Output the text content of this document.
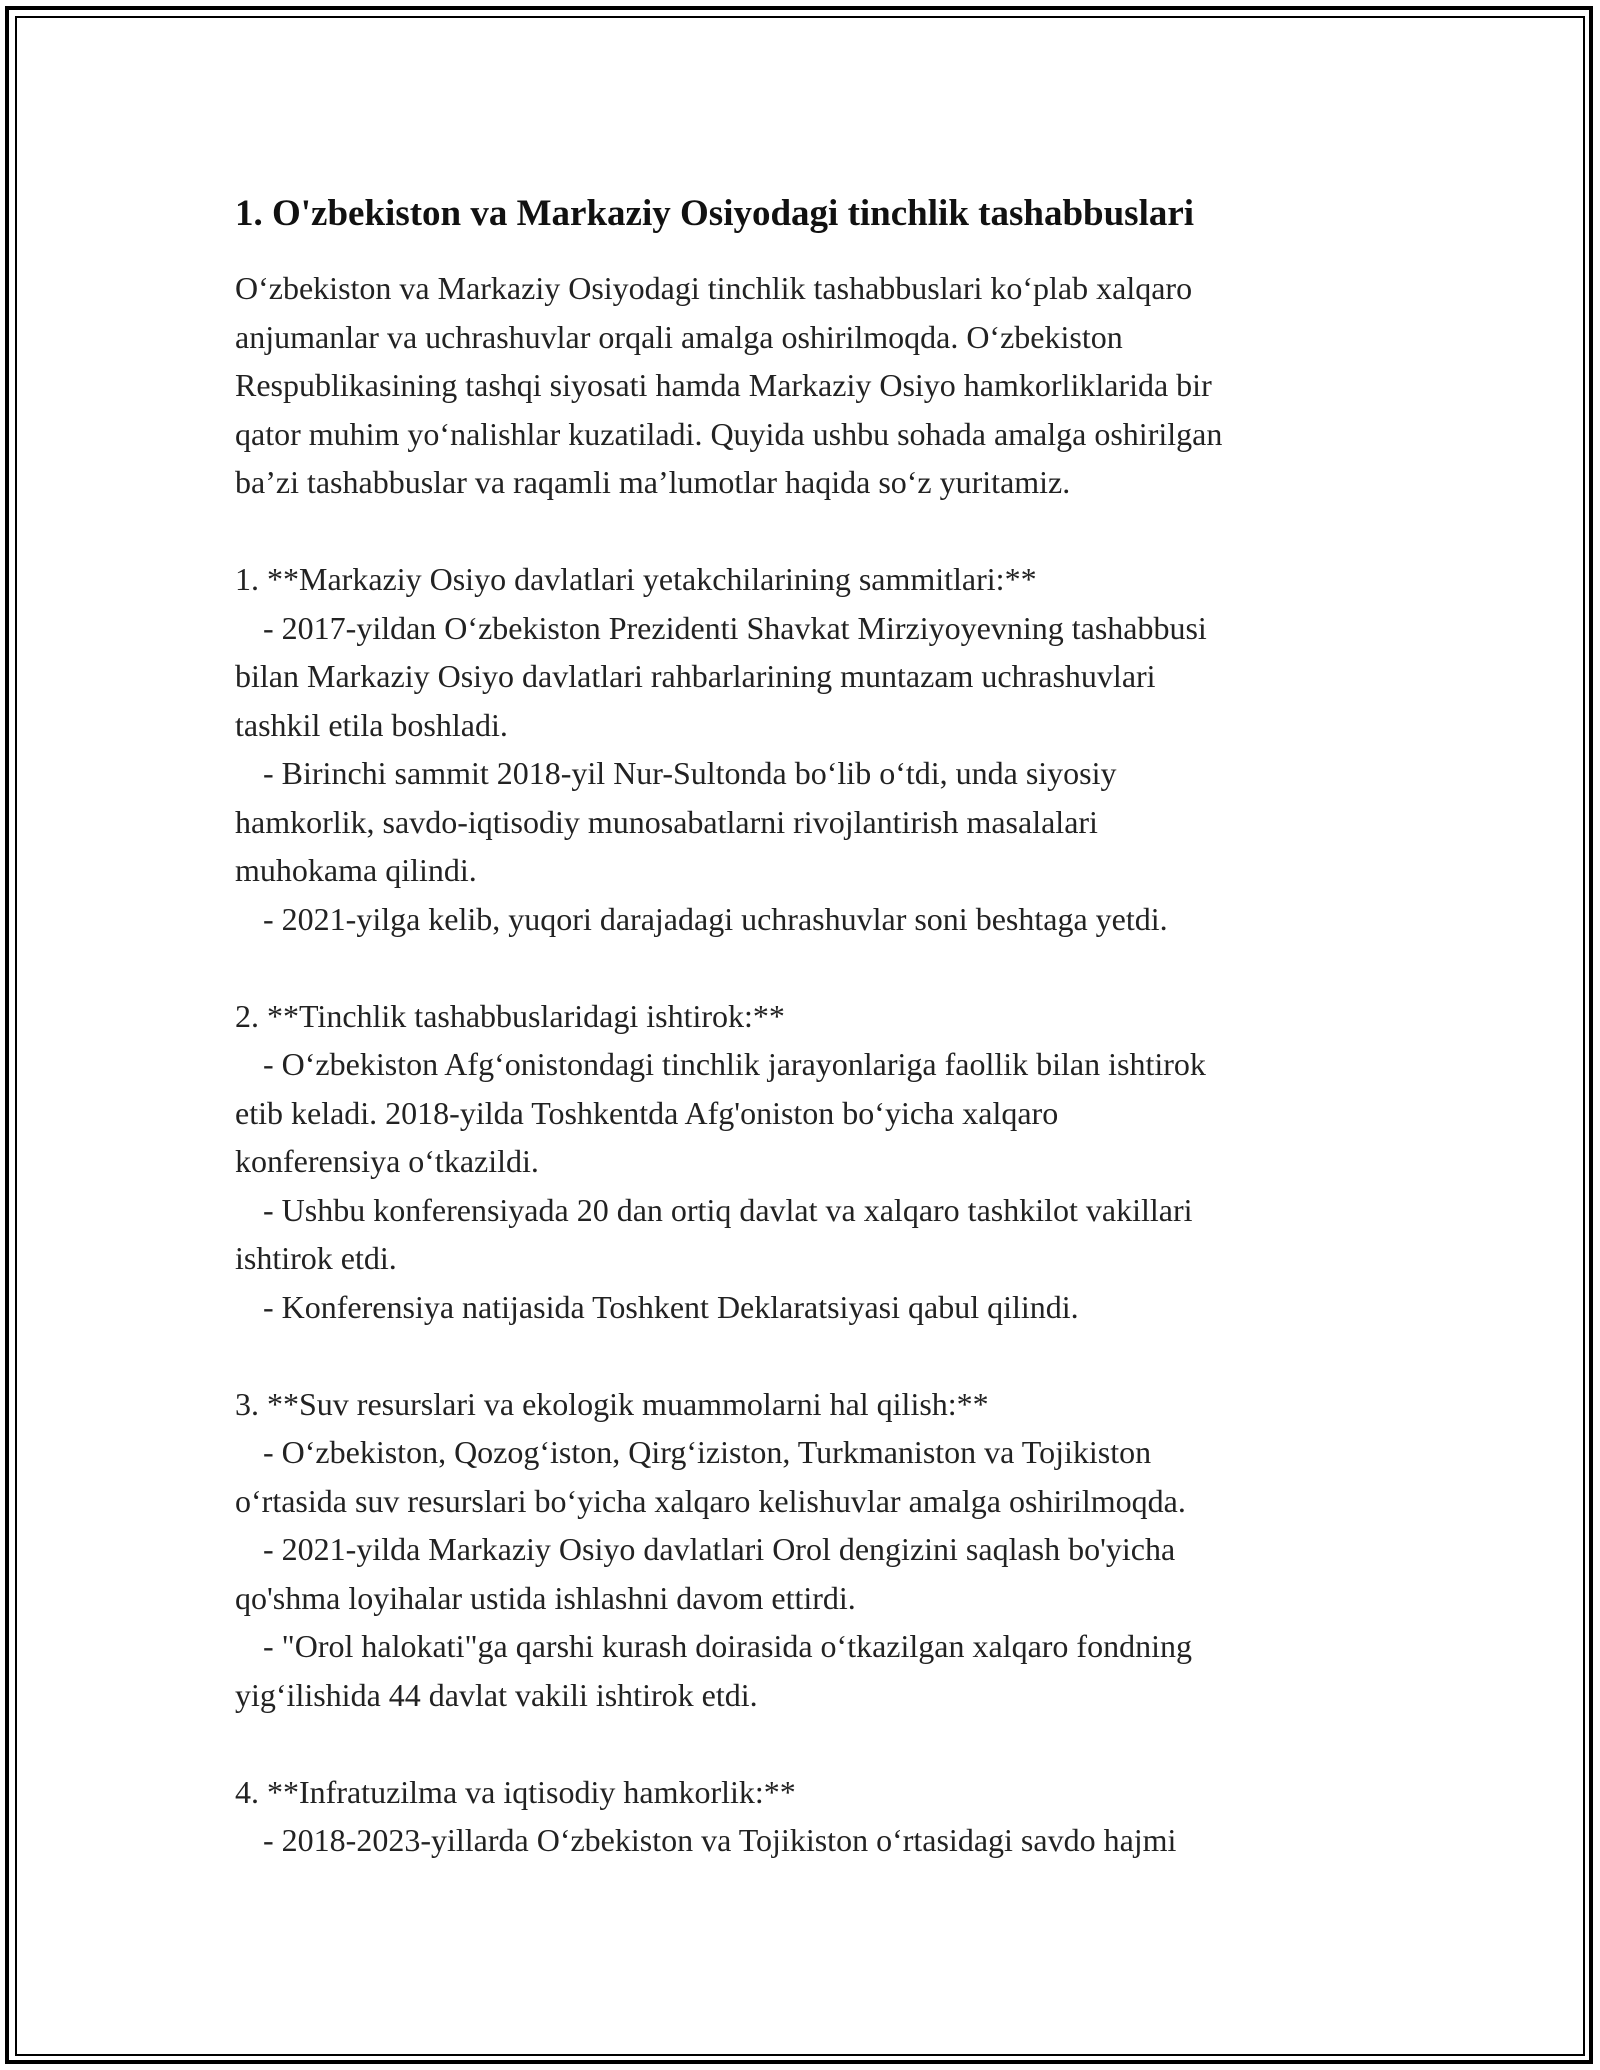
1. O'zbekiston va Markaziy Osiyodagi tinchlik tashabbuslari
O‘zbekiston va Markaziy Osiyodagi tinchlik tashabbuslari ko‘plab xalqaro
anjumanlar va uchrashuvlar orqali amalga oshirilmoqda. O‘zbekiston
Respublikasining tashqi siyosati hamda Markaziy Osiyo hamkorliklarida bir
qator muhim yo‘nalishlar kuzatiladi. Quyida ushbu sohada amalga oshirilgan
ba’zi tashabbuslar va raqamli ma’lumotlar haqida so‘z yuritamiz.
1. **Markaziy Osiyo davlatlari yetakchilarining sammitlari:**
- 2017-yildan O‘zbekiston Prezidenti Shavkat Mirziyoyevning tashabbusi
bilan Markaziy Osiyo davlatlari rahbarlarining muntazam uchrashuvlari
tashkil etila boshladi.
- Birinchi sammit 2018-yil Nur-Sultonda bo‘lib o‘tdi, unda siyosiy
hamkorlik, savdo-iqtisodiy munosabatlarni rivojlantirish masalalari
muhokama qilindi.
- 2021-yilga kelib, yuqori darajadagi uchrashuvlar soni beshtaga yetdi.
2. **Tinchlik tashabbuslaridagi ishtirok:**
- O‘zbekiston Afg‘onistondagi tinchlik jarayonlariga faollik bilan ishtirok
etib keladi. 2018-yilda Toshkentda Afg'oniston bo‘yicha xalqaro
konferensiya o‘tkazildi.
- Ushbu konferensiyada 20 dan ortiq davlat va xalqaro tashkilot vakillari
ishtirok etdi.
- Konferensiya natijasida Toshkent Deklaratsiyasi qabul qilindi.
3. **Suv resurslari va ekologik muammolarni hal qilish:**
- O‘zbekiston, Qozog‘iston, Qirg‘iziston, Turkmaniston va Tojikiston
o‘rtasida suv resurslari bo‘yicha xalqaro kelishuvlar amalga oshirilmoqda.
- 2021-yilda Markaziy Osiyo davlatlari Orol dengizini saqlash bo'yicha
qo'shma loyihalar ustida ishlashni davom ettirdi.
- "Orol halokati"ga qarshi kurash doirasida o‘tkazilgan xalqaro fondning
yig‘ilishida 44 davlat vakili ishtirok etdi.
4. **Infratuzilma va iqtisodiy hamkorlik:**
- 2018-2023-yillarda O‘zbekiston va Tojikiston o‘rtasidagi savdo hajmi
